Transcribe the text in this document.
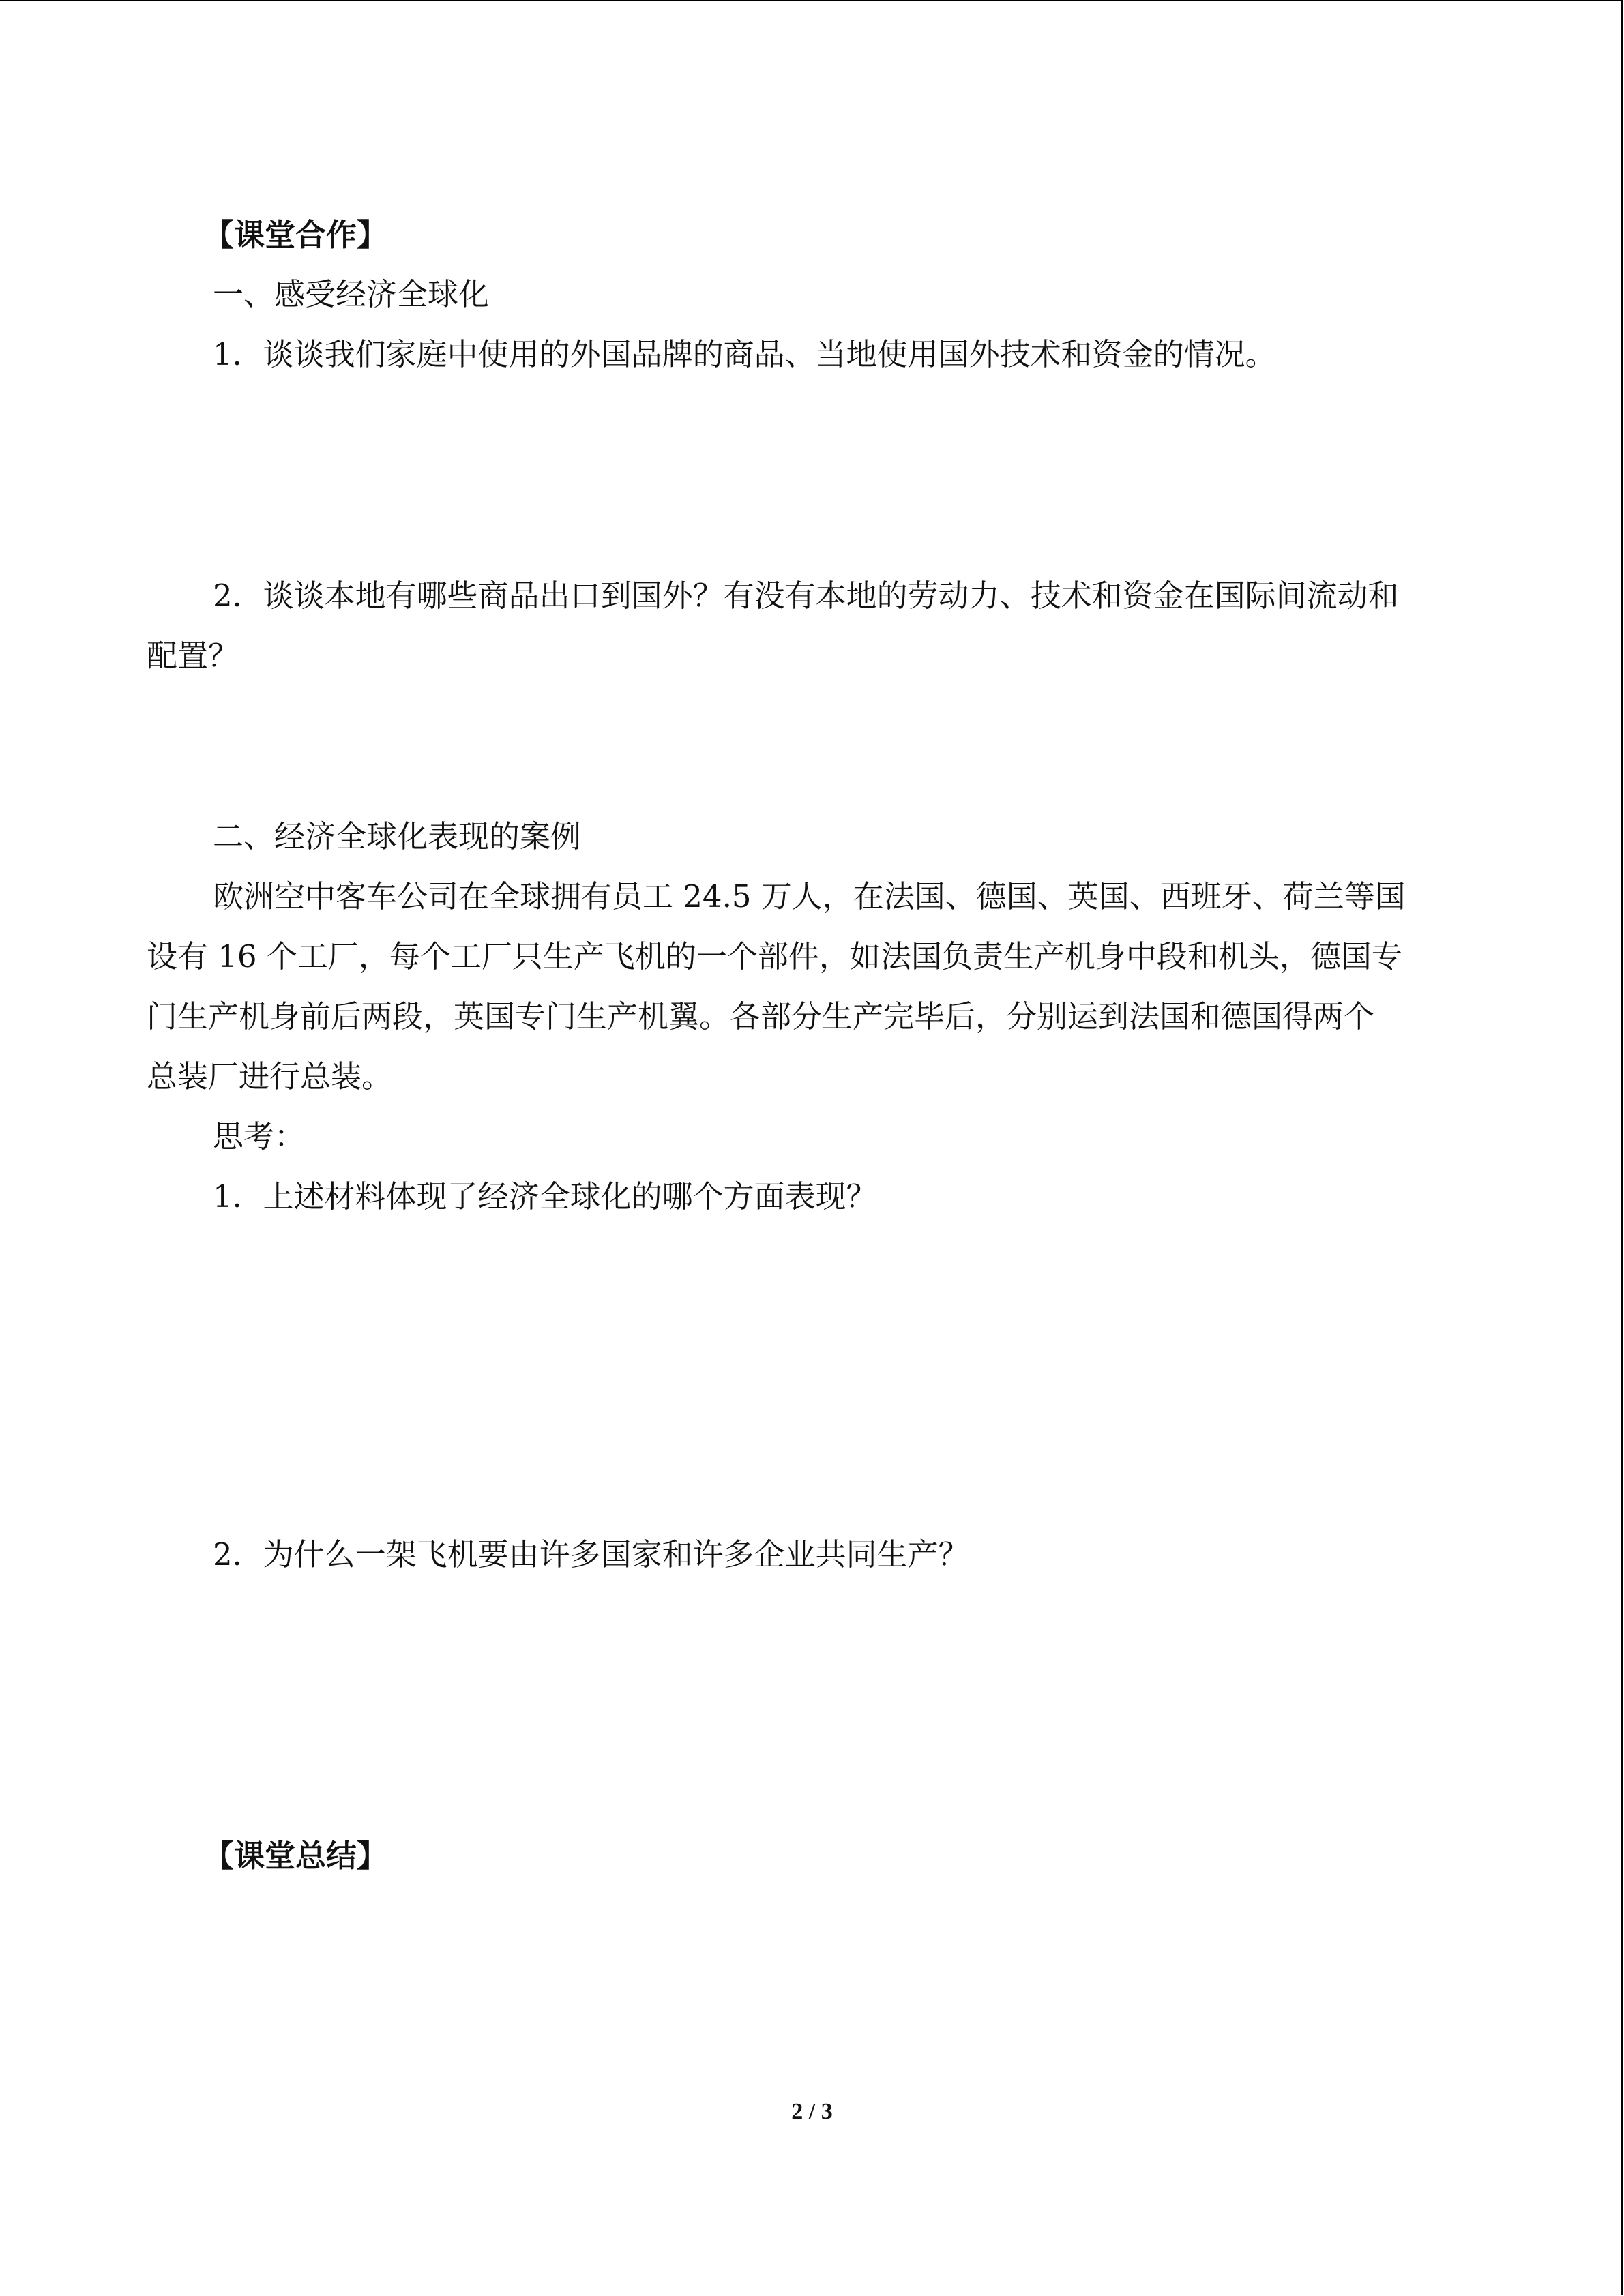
【课堂合作】
一、感受经济全球化
1．谈谈我们家庭中使用的外国品牌的商品、当地使用国外技术和资金的情况。
2．谈谈本地有哪些商品出口到国外？有没有本地的劳动力、技术和资金在国际间流动和
配置？
二、经济全球化表现的案例
欧洲空中客车公司在全球拥有员工 24.5 万人，在法国、德国、英国、西班牙、荷兰等国
设有 16 个工厂，每个工厂只生产飞机的一个部件，如法国负责生产机身中段和机头，德国专
门生产机身前后两段，英国专门生产机翼。各部分生产完毕后，分别运到法国和德国得两个
总装厂进行总装。
思考：
1．上述材料体现了经济全球化的哪个方面表现？
2．为什么一架飞机要由许多国家和许多企业共同生产？
【课堂总结】
2 / 3
